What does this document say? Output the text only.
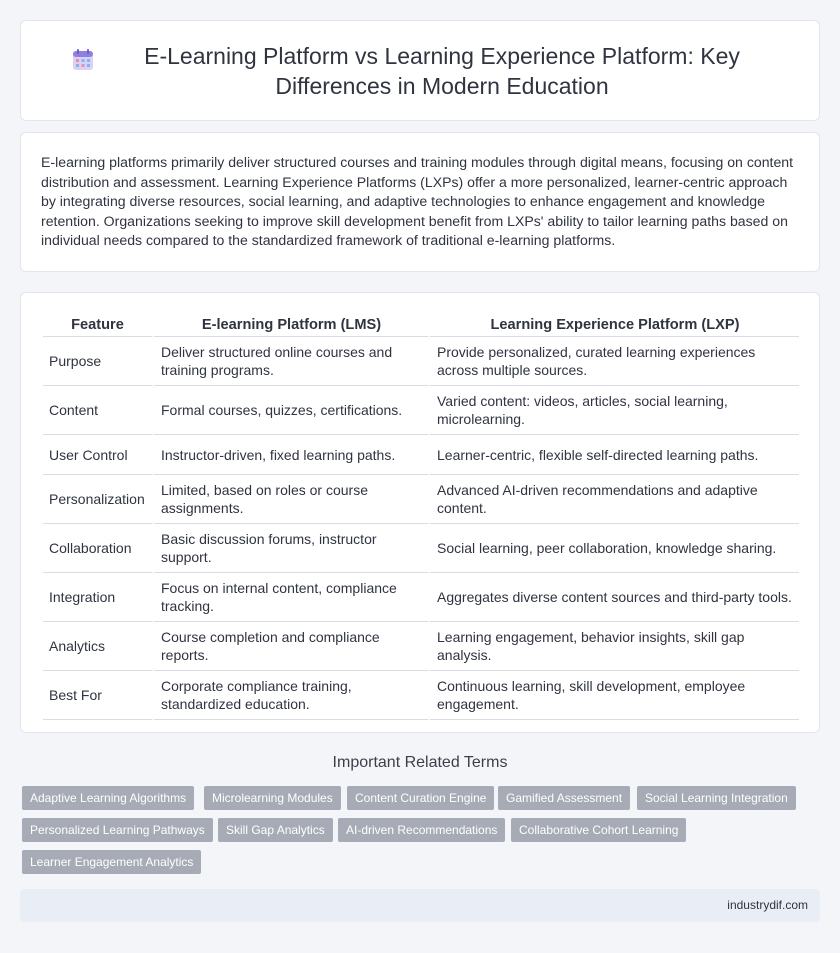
E-Learning Platform vs Learning Experience Platform: Key Differences in Modern Education

E-learning platforms primarily deliver structured courses and training modules through digital means, focusing on content distribution and assessment. Learning Experience Platforms (LXPs) offer a more personalized, learner-centric approach by integrating diverse resources, social learning, and adaptive technologies to enhance engagement and knowledge retention. Organizations seeking to improve skill development benefit from LXPs' ability to tailor learning paths based on individual needs compared to the standardized framework of traditional e-learning platforms.

Feature	E-learning Platform (LMS)	Learning Experience Platform (LXP)
Purpose	Deliver structured online courses and training programs.	Provide personalized, curated learning experiences across multiple sources.
Content	Formal courses, quizzes, certifications.	Varied content: videos, articles, social learning, microlearning.
User Control	Instructor-driven, fixed learning paths.	Learner-centric, flexible self-directed learning paths.
Personalization	Limited, based on roles or course assignments.	Advanced AI-driven recommendations and adaptive content.
Collaboration	Basic discussion forums, instructor support.	Social learning, peer collaboration, knowledge sharing.
Integration	Focus on internal content, compliance tracking.	Aggregates diverse content sources and third-party tools.
Analytics	Course completion and compliance reports.	Learning engagement, behavior insights, skill gap analysis.
Best For	Corporate compliance training, standardized education.	Continuous learning, skill development, employee engagement.
Important Related Terms
Adaptive Learning Algorithms	Microlearning Modules	Content Curation Engine	Gamified Assessment	Social Learning Integration
Personalized Learning Pathways	Skill Gap Analytics	AI-driven Recommendations	Collaborative Cohort Learning
Learner Engagement Analytics
industrydif.com
